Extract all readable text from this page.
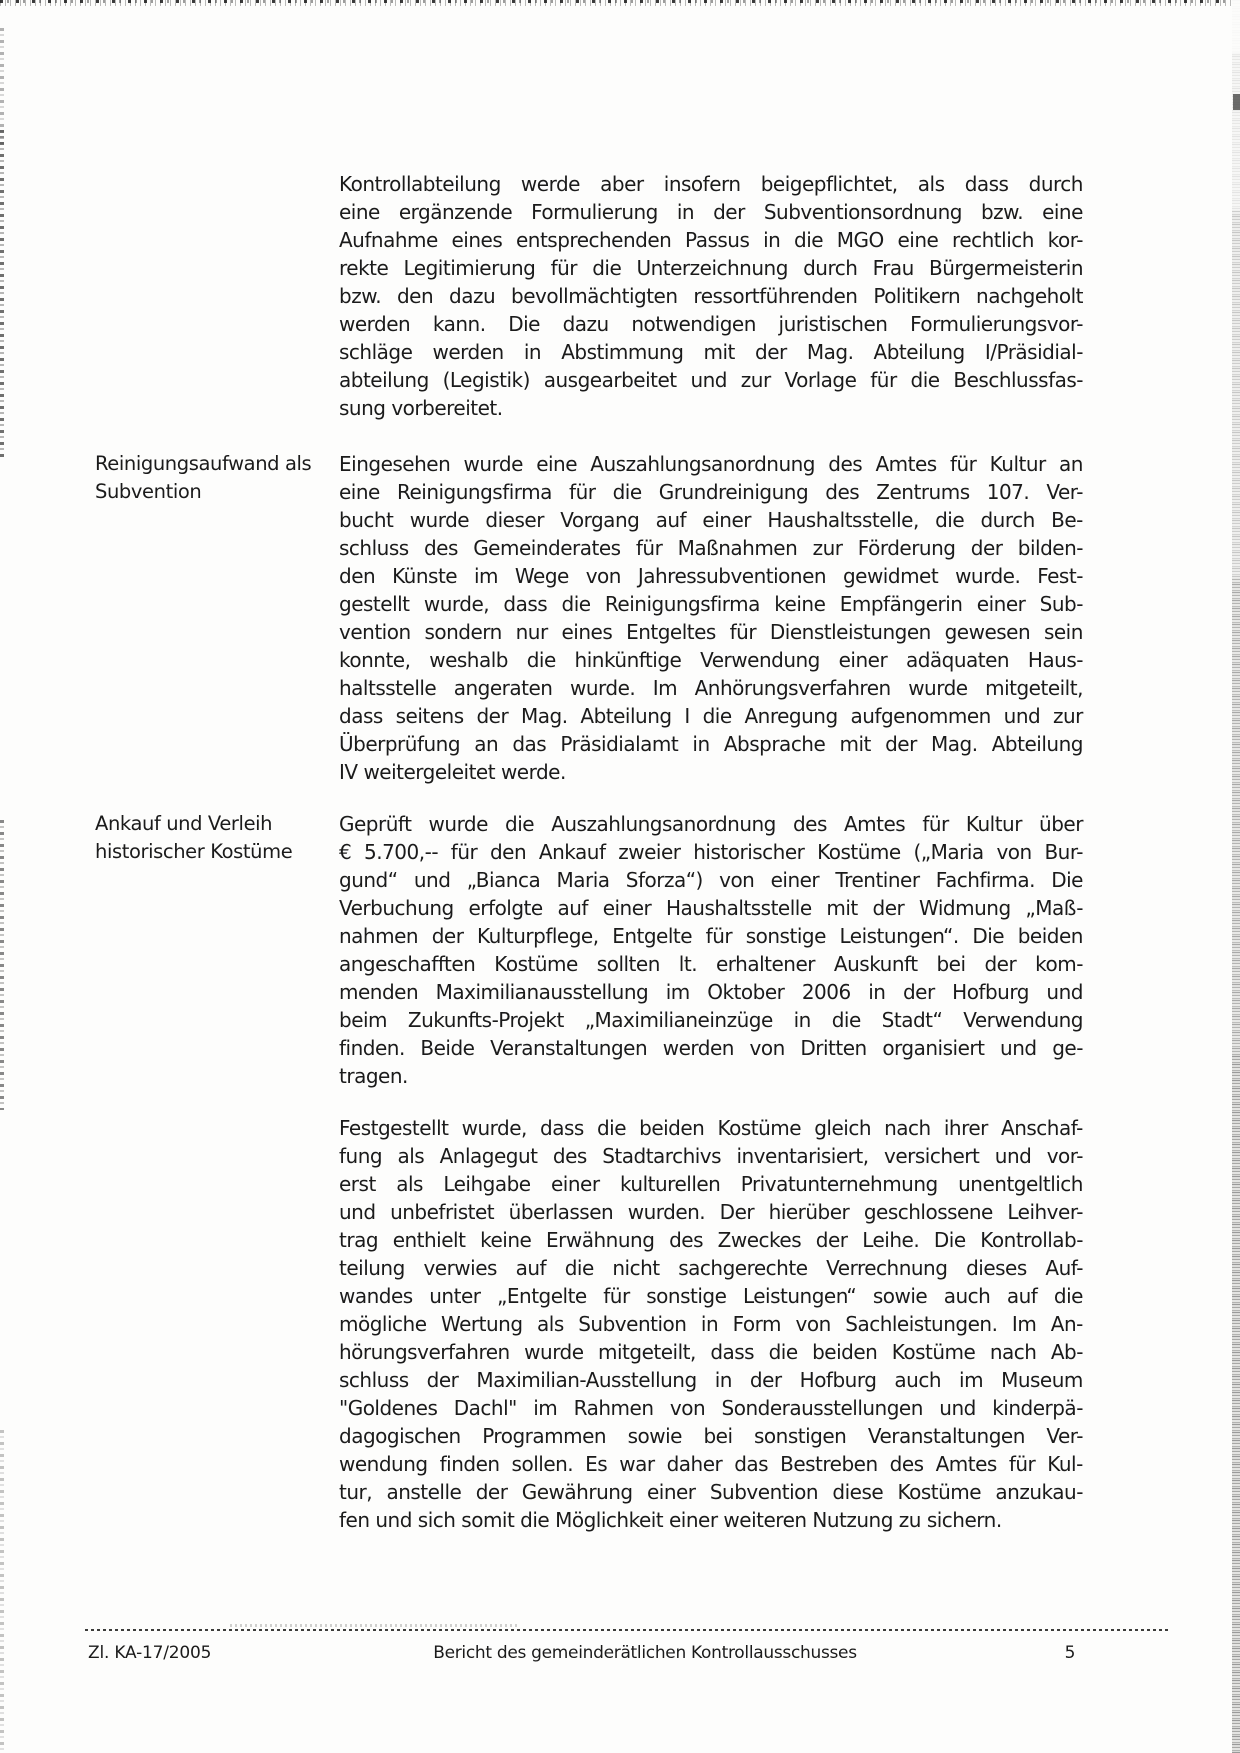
Kontrollabteilung werde aber insofern beigepflichtet, als dass durch
eine ergänzende Formulierung in der Subventionsordnung bzw. eine
Aufnahme eines entsprechenden Passus in die MGO eine rechtlich kor-
rekte Legitimierung für die Unterzeichnung durch Frau Bürgermeisterin
bzw. den dazu bevollmächtigten ressortführenden Politikern nachgeholt
werden kann. Die dazu notwendigen juristischen Formulierungsvor-
schläge werden in Abstimmung mit der Mag. Abteilung I/Präsidial-
abteilung (Legistik) ausgearbeitet und zur Vorlage für die Beschlussfas-
sung vorbereitet.
Reinigungsaufwand als
Subvention
Eingesehen wurde eine Auszahlungsanordnung des Amtes für Kultur an
eine Reinigungsfirma für die Grundreinigung des Zentrums 107. Ver-
bucht wurde dieser Vorgang auf einer Haushaltsstelle, die durch Be-
schluss des Gemeinderates für Maßnahmen zur Förderung der bilden-
den Künste im Wege von Jahressubventionen gewidmet wurde. Fest-
gestellt wurde, dass die Reinigungsfirma keine Empfängerin einer Sub-
vention sondern nur eines Entgeltes für Dienstleistungen gewesen sein
konnte, weshalb die hinkünftige Verwendung einer adäquaten Haus-
haltsstelle angeraten wurde. Im Anhörungsverfahren wurde mitgeteilt,
dass seitens der Mag. Abteilung I die Anregung aufgenommen und zur
Überprüfung an das Präsidialamt in Absprache mit der Mag. Abteilung
IV weitergeleitet werde.
Ankauf und Verleih
historischer Kostüme
Geprüft wurde die Auszahlungsanordnung des Amtes für Kultur über
€ 5.700,-- für den Ankauf zweier historischer Kostüme („Maria von Bur-
gund“ und „Bianca Maria Sforza“) von einer Trentiner Fachfirma. Die
Verbuchung erfolgte auf einer Haushaltsstelle mit der Widmung „Maß-
nahmen der Kulturpflege, Entgelte für sonstige Leistungen“. Die beiden
angeschafften Kostüme sollten lt. erhaltener Auskunft bei der kom-
menden Maximilianausstellung im Oktober 2006 in der Hofburg und
beim Zukunfts-Projekt „Maximilianeinzüge in die Stadt“ Verwendung
finden. Beide Veranstaltungen werden von Dritten organisiert und ge-
tragen.
Festgestellt wurde, dass die beiden Kostüme gleich nach ihrer Anschaf-
fung als Anlagegut des Stadtarchivs inventarisiert, versichert und vor-
erst als Leihgabe einer kulturellen Privatunternehmung unentgeltlich
und unbefristet überlassen wurden. Der hierüber geschlossene Leihver-
trag enthielt keine Erwähnung des Zweckes der Leihe. Die Kontrollab-
teilung verwies auf die nicht sachgerechte Verrechnung dieses Auf-
wandes unter „Entgelte für sonstige Leistungen“ sowie auch auf die
mögliche Wertung als Subvention in Form von Sachleistungen. Im An-
hörungsverfahren wurde mitgeteilt, dass die beiden Kostüme nach Ab-
schluss der Maximilian-Ausstellung in der Hofburg auch im Museum
"Goldenes Dachl" im Rahmen von Sonderausstellungen und kinderpä-
dagogischen Programmen sowie bei sonstigen Veranstaltungen Ver-
wendung finden sollen. Es war daher das Bestreben des Amtes für Kul-
tur, anstelle der Gewährung einer Subvention diese Kostüme anzukau-
fen und sich somit die Möglichkeit einer weiteren Nutzung zu sichern.
Zl. KA-17/2005	Bericht des gemeinderätlichen Kontrollausschusses	5
